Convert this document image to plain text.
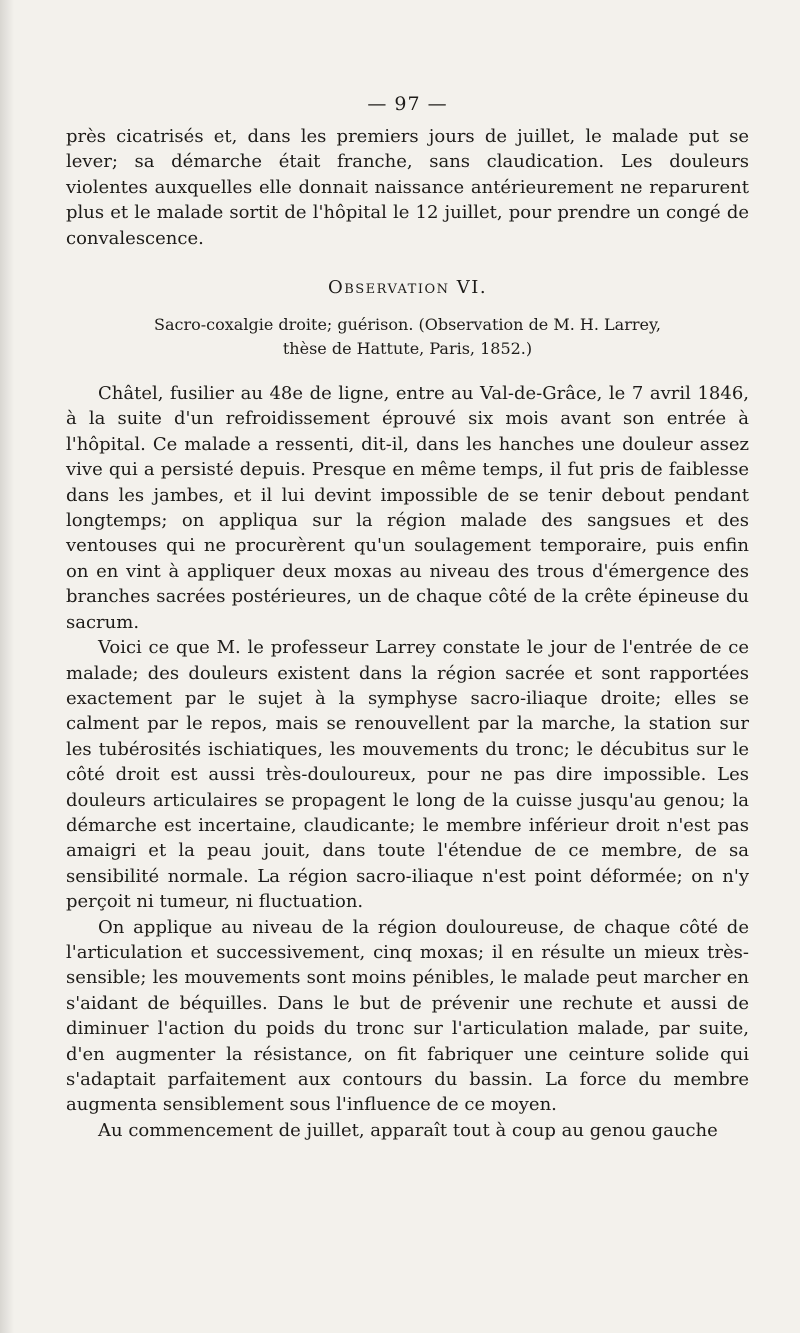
— 97 —

près cicatrisés et, dans les premiers jours de juillet, le malade put se lever; sa démarche était franche, sans claudication. Les douleurs violentes auxquelles elle donnait naissance antérieurement ne reparurent plus et le malade sortit de l'hôpital le 12 juillet, pour prendre un congé de convalescence.

Observation VI.
Sacro-coxalgie droite; guérison. (Observation de M. H. Larrey,
thèse de Hattute, Paris, 1852.)

Châtel, fusilier au 48e de ligne, entre au Val-de-Grâce, le 7 avril 1846, à la suite d'un refroidissement éprouvé six mois avant son entrée à l'hôpital. Ce malade a ressenti, dit-il, dans les hanches une douleur assez vive qui a persisté depuis. Presque en même temps, il fut pris de faiblesse dans les jambes, et il lui devint impossible de se tenir debout pendant longtemps; on appliqua sur la région malade des sangsues et des ventouses qui ne procurèrent qu'un soulagement temporaire, puis enfin on en vint à appliquer deux moxas au niveau des trous d'émergence des branches sacrées postérieures, un de chaque côté de la crête épineuse du sacrum.

Voici ce que M. le professeur Larrey constate le jour de l'entrée de ce malade; des douleurs existent dans la région sacrée et sont rapportées exactement par le sujet à la symphyse sacro-iliaque droite; elles se calment par le repos, mais se renouvellent par la marche, la station sur les tubérosités ischiatiques, les mouvements du tronc; le décubitus sur le côté droit est aussi très-douloureux, pour ne pas dire impossible. Les douleurs articulaires se propagent le long de la cuisse jusqu'au genou; la démarche est incertaine, claudicante; le membre inférieur droit n'est pas amaigri et la peau jouit, dans toute l'étendue de ce membre, de sa sensibilité normale. La région sacro-iliaque n'est point déformée; on n'y perçoit ni tumeur, ni fluctuation.

On applique au niveau de la région douloureuse, de chaque côté de l'articulation et successivement, cinq moxas; il en résulte un mieux très-sensible; les mouvements sont moins pénibles, le malade peut marcher en s'aidant de béquilles. Dans le but de prévenir une rechute et aussi de diminuer l'action du poids du tronc sur l'articulation malade, par suite, d'en augmenter la résistance, on fit fabriquer une ceinture solide qui s'adaptait parfaitement aux contours du bassin. La force du membre augmenta sensiblement sous l'influence de ce moyen.

Au commencement de juillet, apparaît tout à coup au genou gauche
